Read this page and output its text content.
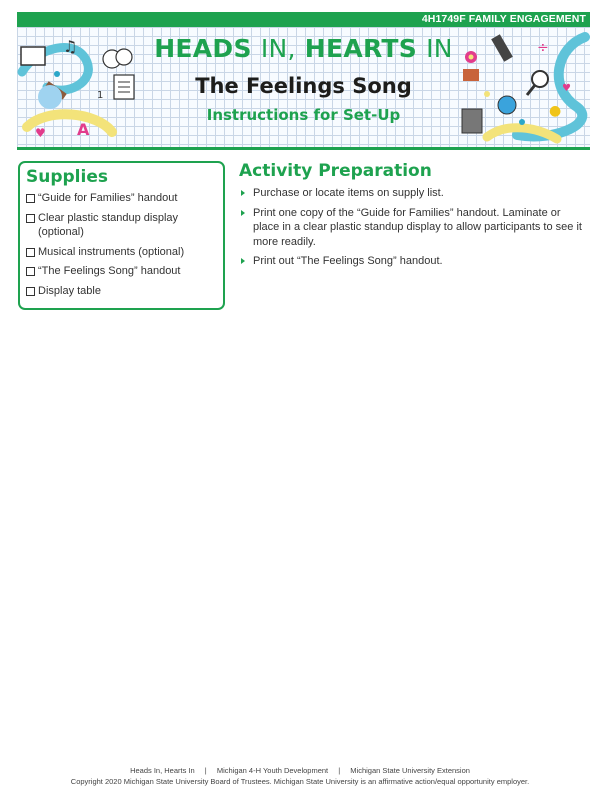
4H1749F FAMILY ENGAGEMENT
♫
1
A
♥
●
♥
÷
HEADS IN, HEARTS IN
The Feelings Song
Instructions for Set-Up
Supplies
“Guide for Families” handout
Clear plastic standup display (optional)
Musical instruments (optional)
“The Feelings Song” handout
Display table
Activity Preparation
Purchase or locate items on supply list.
Print one copy of the “Guide for Families” handout. Laminate or place in a clear plastic standup display to allow participants to see it more readily.
Print out “The Feelings Song” handout.
Heads In, Hearts In | Michigan 4-H Youth Development | Michigan State University Extension
Copyright 2020 Michigan State University Board of Trustees. Michigan State University is an affirmative action/equal opportunity employer.
